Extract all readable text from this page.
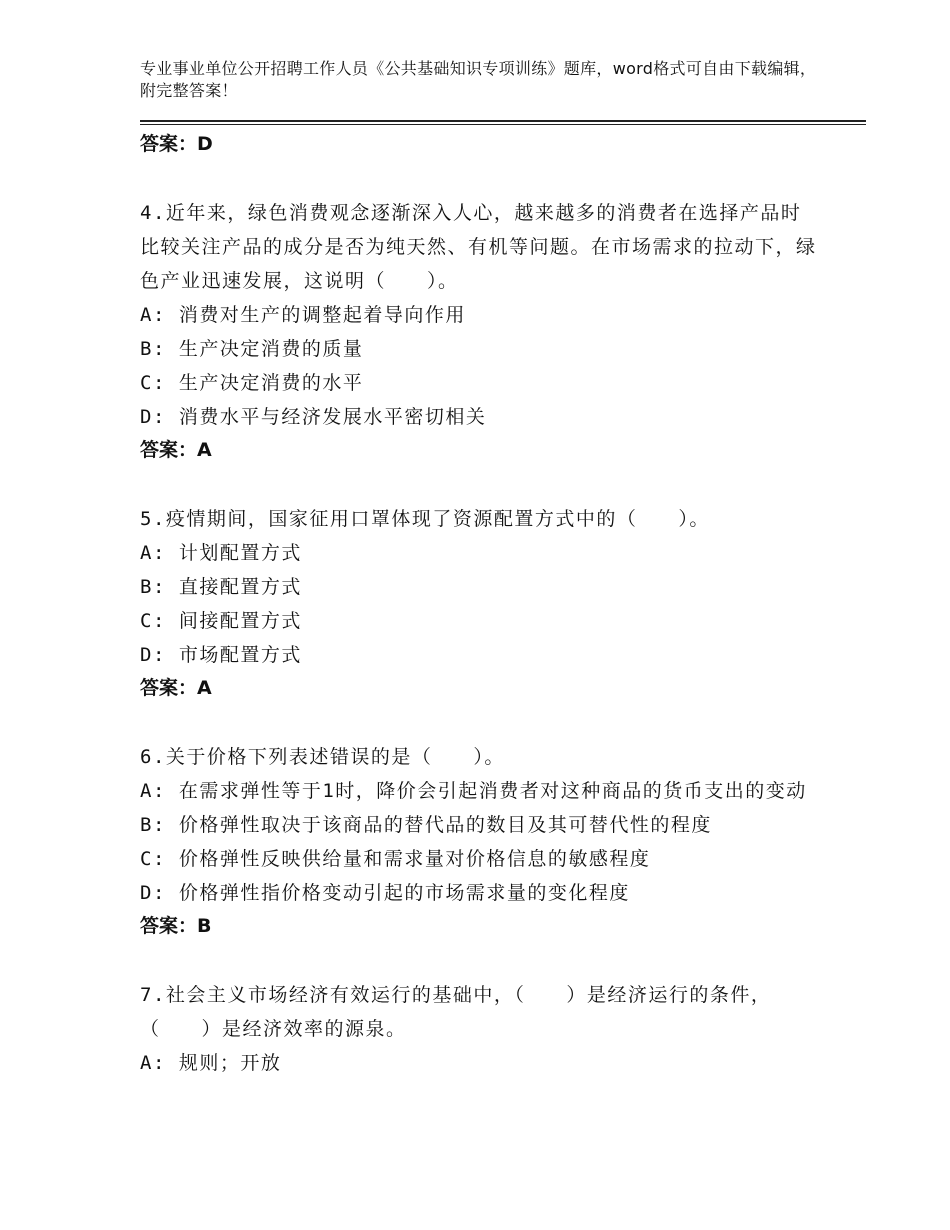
专业事业单位公开招聘工作人员《公共基础知识专项训练》题库，word格式可自由下载编辑，附完整答案！

答案：D

4.近年来，绿色消费观念逐渐深入人心，越来越多的消费者在选择产品时比较关注产品的成分是否为纯天然、有机等问题。在市场需求的拉动下，绿色产业迅速发展，这说明（　　）。

A: 消费对生产的调整起着导向作用

B: 生产决定消费的质量

C: 生产决定消费的水平

D: 消费水平与经济发展水平密切相关

答案：A

5.疫情期间，国家征用口罩体现了资源配置方式中的（　　）。

A: 计划配置方式

B: 直接配置方式

C: 间接配置方式

D: 市场配置方式

答案：A

6.关于价格下列表述错误的是（　　）。

A: 在需求弹性等于1时，降价会引起消费者对这种商品的货币支出的变动

B: 价格弹性取决于该商品的替代品的数目及其可替代性的程度

C: 价格弹性反映供给量和需求量对价格信息的敏感程度

D: 价格弹性指价格变动引起的市场需求量的变化程度

答案：B

7.社会主义市场经济有效运行的基础中，（　　）是经济运行的条件，（　　）是经济效率的源泉。

A: 规则；开放
